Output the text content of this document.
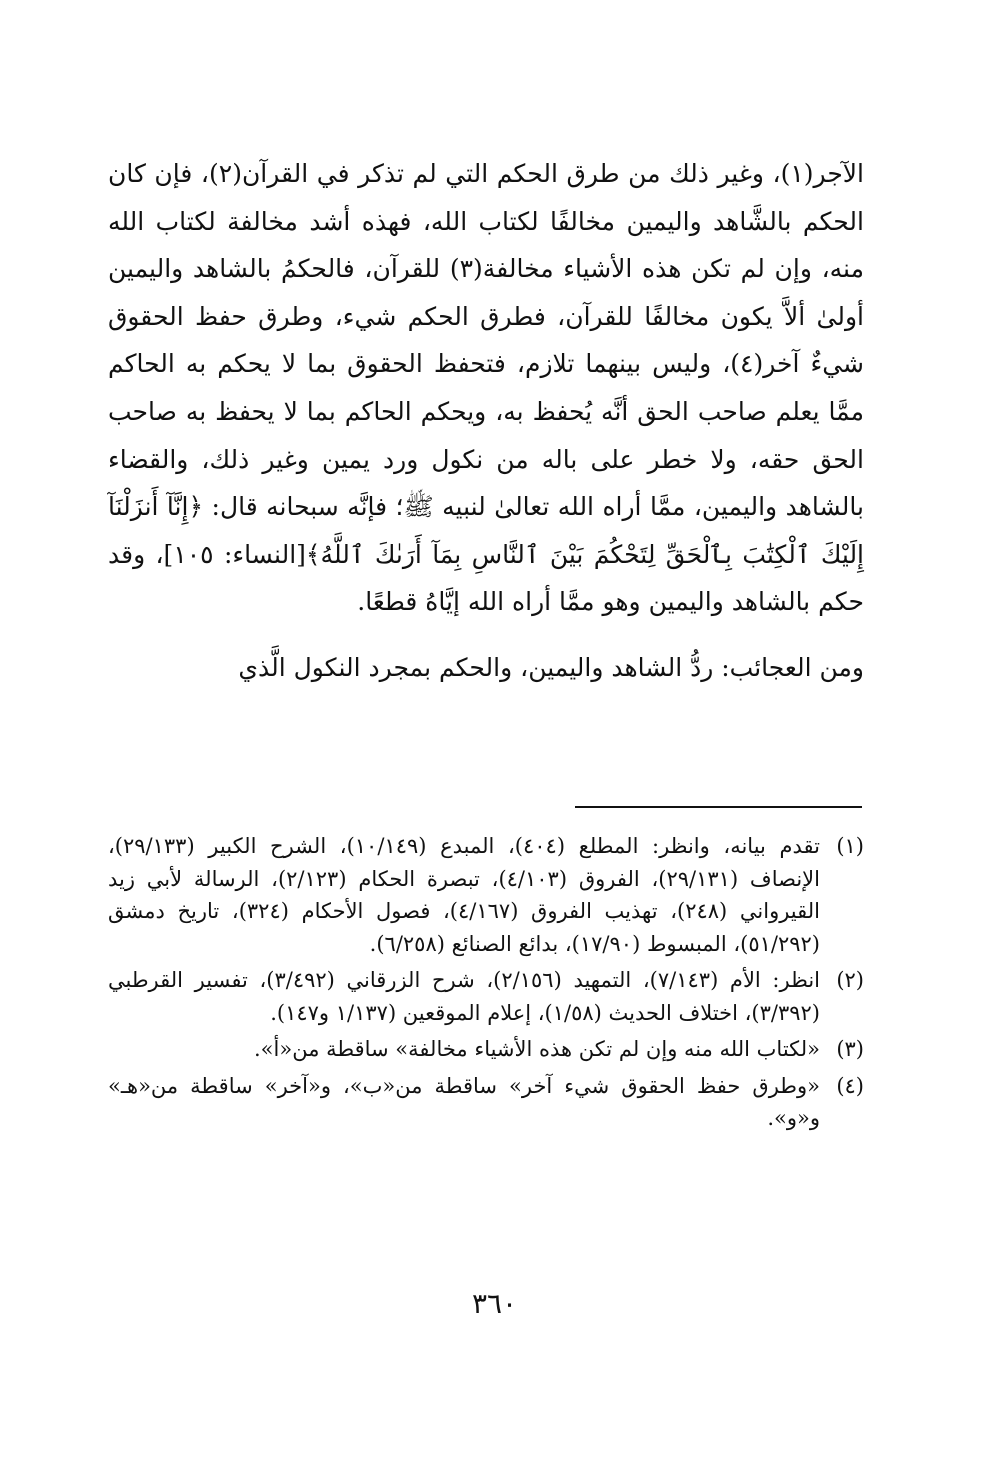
الآجر(١)، وغير ذلك من طرق الحكم التي لم تذكر في القرآن(٢)، فإن كان الحكم بالشَّاهد واليمين مخالفًا لكتاب الله، فهذه أشد مخالفة لكتاب الله منه، وإن لم تكن هذه الأشياء مخالفة(٣) للقرآن، فالحكمُ بالشاهد واليمين أولىٰ ألاَّ يكون مخالفًا للقرآن، فطرق الحكم شيء، وطرق حفظ الحقوق شيءٌ آخر(٤)، وليس بينهما تلازم، فتحفظ الحقوق بما لا يحكم به الحاكم ممَّا يعلم صاحب الحق أنَّه يُحفظ به، ويحكم الحاكم بما لا يحفظ به صاحب الحق حقه، ولا خطر على باله من نكول ورد يمين وغير ذلك، والقضاء بالشاهد واليمين، ممَّا أراه الله تعالىٰ لنبيه ﷺ؛ فإنَّه سبحانه قال: ﴿إِنَّآ أَنزَلْنَآ إِلَيْكَ ٱلْكِتَٰبَ بِٱلْحَقِّ لِتَحْكُمَ بَيْنَ ٱلنَّاسِ بِمَآ أَرَىٰكَ ٱللَّهُ﴾[النساء: ١٠٥]، وقد حكم بالشاهد واليمين وهو ممَّا أراه الله إيَّاهُ قطعًا.

ومن العجائب: ردُّ الشاهد واليمين، والحكم بمجرد النكول الَّذي

(١)
تقدم بيانه، وانظر: المطلع (٤٠٤)، المبدع (١٠/١٤٩)، الشرح الكبير (٢٩/١٣٣)، الإنصاف (٢٩/١٣١)، الفروق (٤/١٠٣)، تبصرة الحكام (٢/١٢٣)، الرسالة لأبي زيد القيرواني (٢٤٨)، تهذيب الفروق (٤/١٦٧)، فصول الأحكام (٣٢٤)، تاريخ دمشق (٥١/٢٩٢)، المبسوط (١٧/٩٠)، بدائع الصنائع (٦/٢٥٨).
(٢)
انظر: الأم (٧/١٤٣)، التمهيد (٢/١٥٦)، شرح الزرقاني (٣/٤٩٢)، تفسير القرطبي (٣/٣٩٢)، اختلاف الحديث (١/٥٨)، إعلام الموقعين (١/١٣٧ و١٤٧).
(٣)
«لكتاب الله منه وإن لم تكن هذه الأشياء مخالفة» ساقطة من«أ».
(٤)
«وطرق حفظ الحقوق شيء آخر» ساقطة من«ب»، و«آخر» ساقطة من«هـ» و«و».
٣٦٠
